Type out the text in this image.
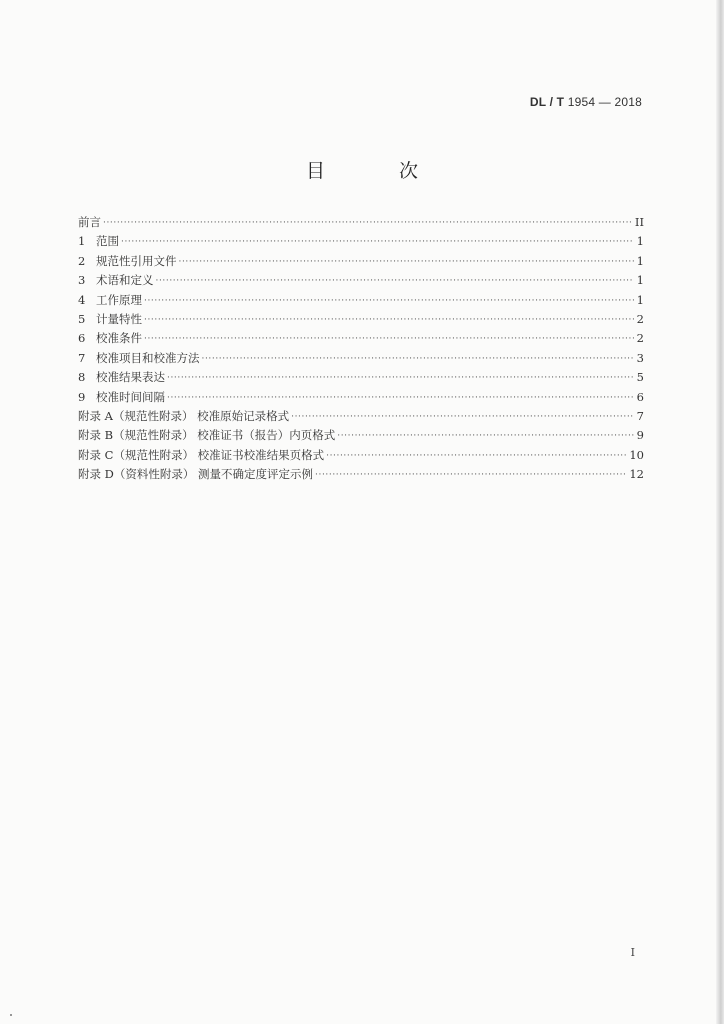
DL / T 1954 — 2018
目 次
前言 ·····	II
1 范围 ·····	1
2 规范性引用文件 ·····	1
3 术语和定义 ·····	1
4 工作原理 ·····	1
5 计量特性 ·····	2
6 校准条件 ·····	2
7 校准项目和校准方法 ·····	3
8 校准结果表达 ·····	5
9 校准时间间隔 ·····	6
附录 A（规范性附录） 校准原始记录格式 ·····	7
附录 B（规范性附录） 校准证书（报告）内页格式 ·····	9
附录 C（规范性附录） 校准证书校准结果页格式 ·····	10
附录 D（资料性附录） 测量不确定度评定示例 ·····	12
I
